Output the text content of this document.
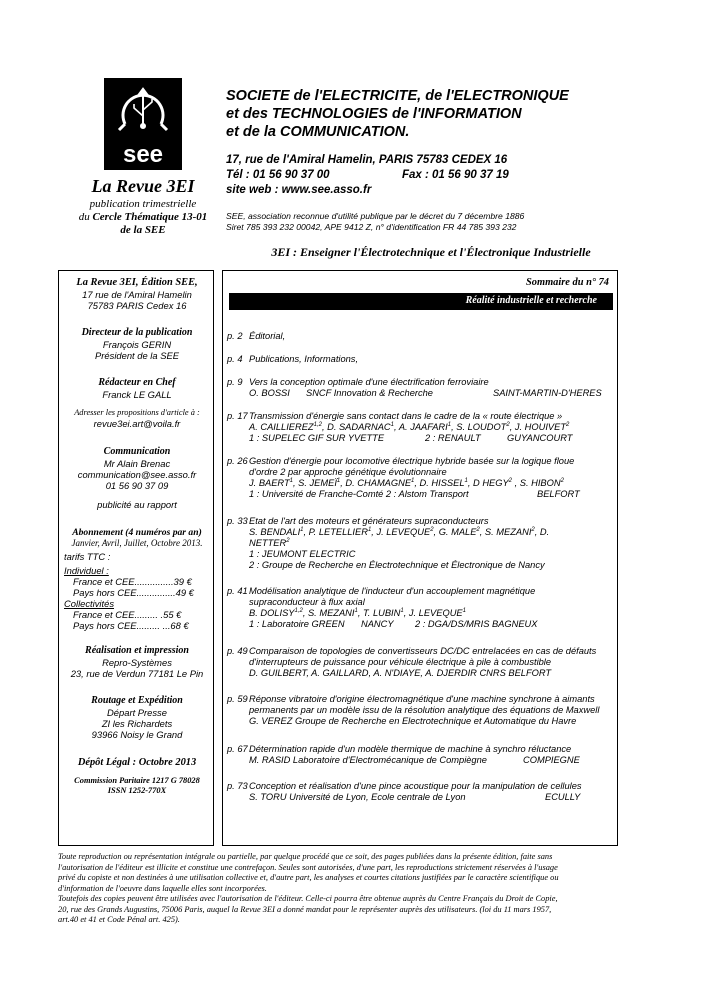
see
La Revue 3EI
publication trimestrielle
du Cercle Thématique 13-01
de la SEE
SOCIETE de l'ELECTRICITE, de l'ELECTRONIQUE
et des TECHNOLOGIES de l'INFORMATION
et de la COMMUNICATION.
17, rue de l'Amiral Hamelin, PARIS 75783 CEDEX 16
Tél : 01 56 90 37 00	Fax : 01 56 90 37 19
site web : www.see.asso.fr
SEE, association reconnue d'utilité publique par le décret du 7 décembre 1886
Siret 785 393 232 00042, APE 9412 Z, n° d'identification FR 44 785 393 232
3EI : Enseigner l'Électrotechnique et l'Électronique Industrielle
La Revue 3EI, Édition SEE,
17 rue de l'Amiral Hamelin
75783 PARIS Cedex 16
Directeur de la publication
François GERIN
Président de la SEE
Rédacteur en Chef
Franck LE GALL
Adresser les propositions d'article à :
revue3ei.art@voila.fr
Communication
Mr Alain Brenac
communication@see.asso.fr
01 56 90 37 09
publicité au rapport
Abonnement (4 numéros par an)
Janvier, Avril, Juillet, Octobre 2013.
tarifs TTC :
Individuel :
France et CEE...............39 €
Pays hors CEE...............49 €
Collectivités
France et CEE......... .55 €
Pays hors CEE......... ...68 €
Réalisation et impression
Repro-Systèmes
23, rue de Verdun 77181 Le Pin
Routage et Expédition
Départ Presse
ZI les Richardets
93966 Noisy le Grand
Dépôt Légal : Octobre 2013
Commission Paritaire 1217 G 78028
ISSN 1252-770X
Sommaire du n° 74
Réalité industrielle et recherche
p. 2 Éditorial,
p. 4 Publications, Informations,
p. 9 Vers la conception optimale d'une électrification ferroviaire
O. BOSSI SNCF Innovation & Recherche	SAINT-MARTIN-D'HERES
p. 17 Transmission d'énergie sans contact dans le cadre de la « route électrique »
A. CAILLIEREZ$^{1,2}$, D. SADARNAC$^1$, A. JAAFARI$^1$, S. LOUDOT$^2$, J. HOUIVET$^2$
1 : SUPELEC GIF SUR YVETTE	2 : RENAULT	GUYANCOURT
p. 26 Gestion d'énergie pour locomotive électrique hybride basée sur la logique floue
d'ordre 2 par approche génétique évolutionnaire
J. BAERT$^1$, S. JEMEÏ$^1$, D. CHAMAGNE$^1$, D. HISSEL$^1$, D HEGY$^2$ , S. HIBON$^2$
1 : Université de Franche-Comté 2 : Alstom Transport	BELFORT
p. 33 Etat de l'art des moteurs et générateurs supraconducteurs
S. BENDALI$^1$, P. LETELLIER$^1$, J. LEVEQUE$^2$, G. MALE$^2$, S. MEZANI$^2$, D.
NETTER$^2$
1 : JEUMONT ELECTRIC
2 : Groupe de Recherche en Électrotechnique et Électronique de Nancy
p. 41 Modélisation analytique de l'inducteur d'un accouplement magnétique
supraconducteur à flux axial
B. DOLISY$^{1,2}$, S. MEZANI$^1$, T. LUBIN$^1$, J. LEVEQUE$^1$
1 : Laboratoire GREEN NANCY 2 : DGA/DS/MRIS BAGNEUX
p. 49 Comparaison de topologies de convertisseurs DC/DC entrelacées en cas de défauts
d'interrupteurs de puissance pour véhicule électrique à pile à combustible
D. GUILBERT, A. GAILLARD, A. N'DIAYE, A. DJERDIR CNRS BELFORT
p. 59 Réponse vibratoire d'origine électromagnétique d'une machine synchrone à aimants
permanents par un modèle issu de la résolution analytique des équations de Maxwell
G. VEREZ Groupe de Recherche en Electrotechnique et Automatique du Havre
p. 67 Détermination rapide d'un modèle thermique de machine à synchro réluctance
M. RASID Laboratoire d'Electromécanique de Compiègne	COMPIEGNE
p. 73 Conception et réalisation d'une pince acoustique pour la manipulation de cellules
S. TORU Université de Lyon, Ecole centrale de Lyon	ECULLY
Toute reproduction ou représentation intégrale ou partielle, par quelque procédé que ce soit, des pages publiées dans la présente édition, faite sans
l'autorisation de l'éditeur est illicite et constitue une contrefaçon. Seules sont autorisées, d'une part, les reproductions strictement réservées à l'usage
privé du copiste et non destinées à une utilisation collective et, d'autre part, les analyses et courtes citations justifiées par le caractère scientifique ou
d'information de l'oeuvre dans laquelle elles sont incorporées.
Toutefois des copies peuvent être utilisées avec l'autorisation de l'éditeur. Celle-ci pourra être obtenue auprès du Centre Français du Droit de Copie,
20, rue des Grands Augustins, 75006 Paris, auquel la Revue 3EI a donné mandat pour le représenter auprès des utilisateurs. (loi du 11 mars 1957,
art.40 et 41 et Code Pénal art. 425).
